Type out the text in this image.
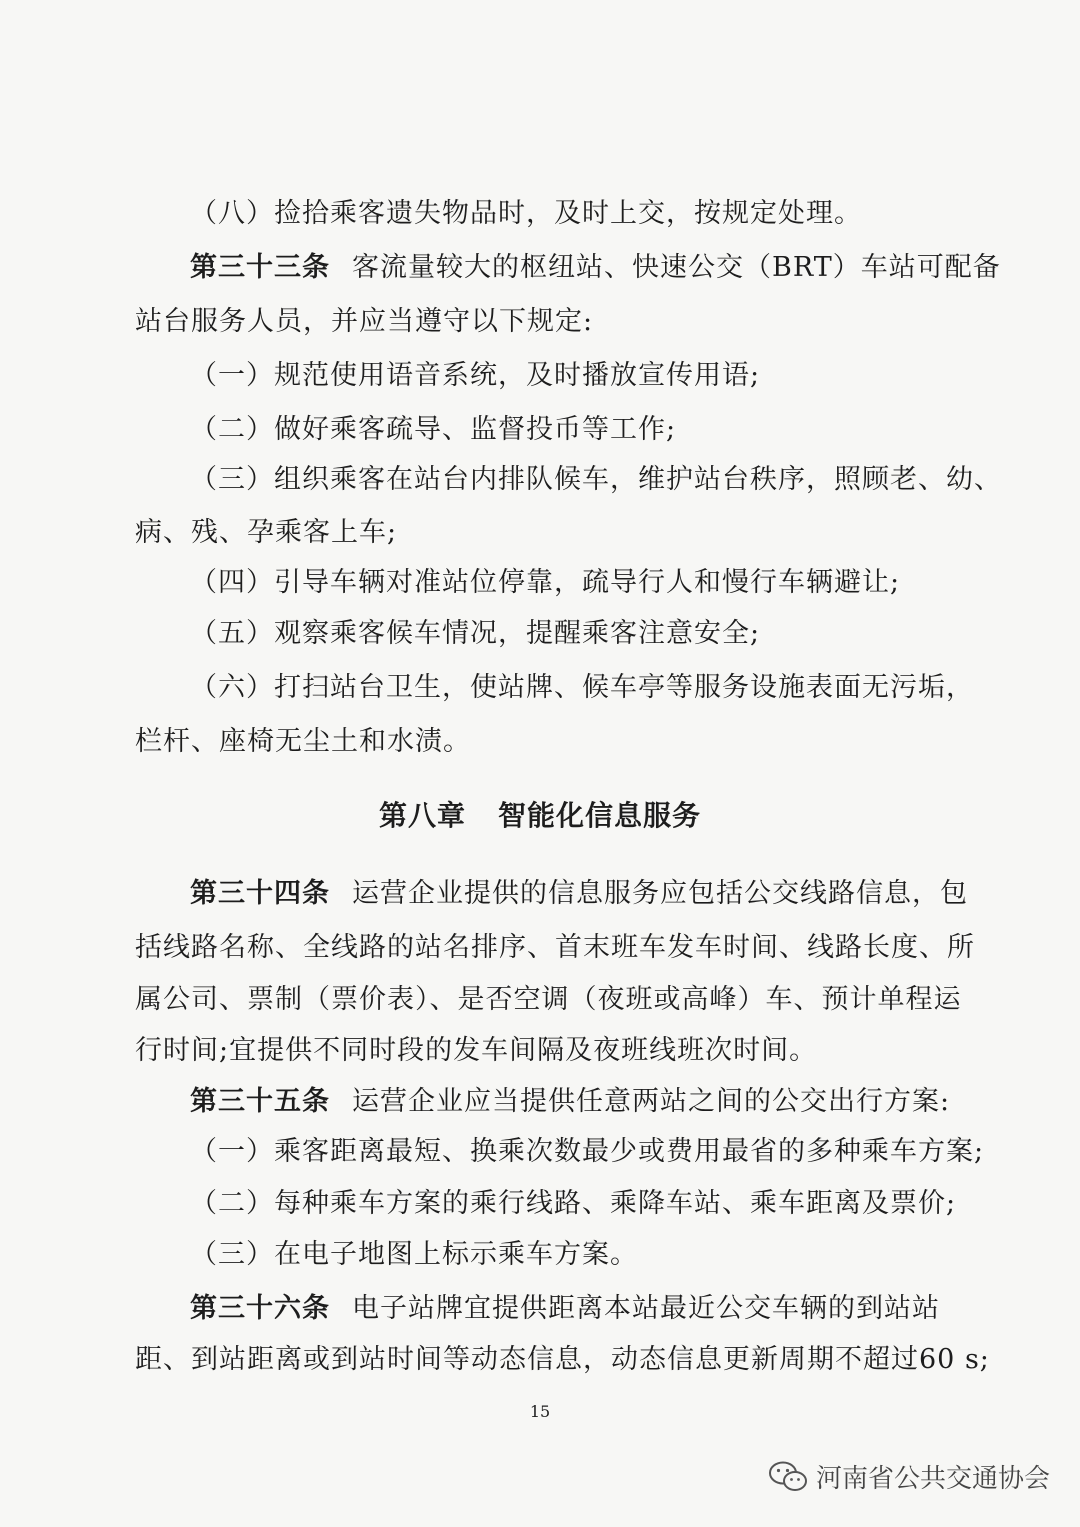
（八）捡拾乘客遗失物品时，及时上交，按规定处理。
第三十三条 客流量较大的枢纽站、快速公交（BRT）车站可配备
站台服务人员，并应当遵守以下规定:
（一）规范使用语音系统，及时播放宣传用语;
（二）做好乘客疏导、监督投币等工作;
（三）组织乘客在站台内排队候车，维护站台秩序，照顾老、幼、
病、残、孕乘客上车;
（四）引导车辆对准站位停靠，疏导行人和慢行车辆避让;
（五）观察乘客候车情况，提醒乘客注意安全;
（六）打扫站台卫生，使站牌、候车亭等服务设施表面无污垢，
栏杆、座椅无尘土和水渍。
第八章 智能化信息服务
第三十四条 运营企业提供的信息服务应包括公交线路信息，包
括线路名称、全线路的站名排序、首末班车发车时间、线路长度、所
属公司、票制（票价表）、是否空调（夜班或高峰）车、预计单程运
行时间;宜提供不同时段的发车间隔及夜班线班次时间。
第三十五条 运营企业应当提供任意两站之间的公交出行方案:
（一）乘客距离最短、换乘次数最少或费用最省的多种乘车方案;
（二）每种乘车方案的乘行线路、乘降车站、乘车距离及票价;
（三）在电子地图上标示乘车方案。
第三十六条 电子站牌宜提供距离本站最近公交车辆的到站站
距、到站距离或到站时间等动态信息，动态信息更新周期不超过60 s;
15
河南省公共交通协会
